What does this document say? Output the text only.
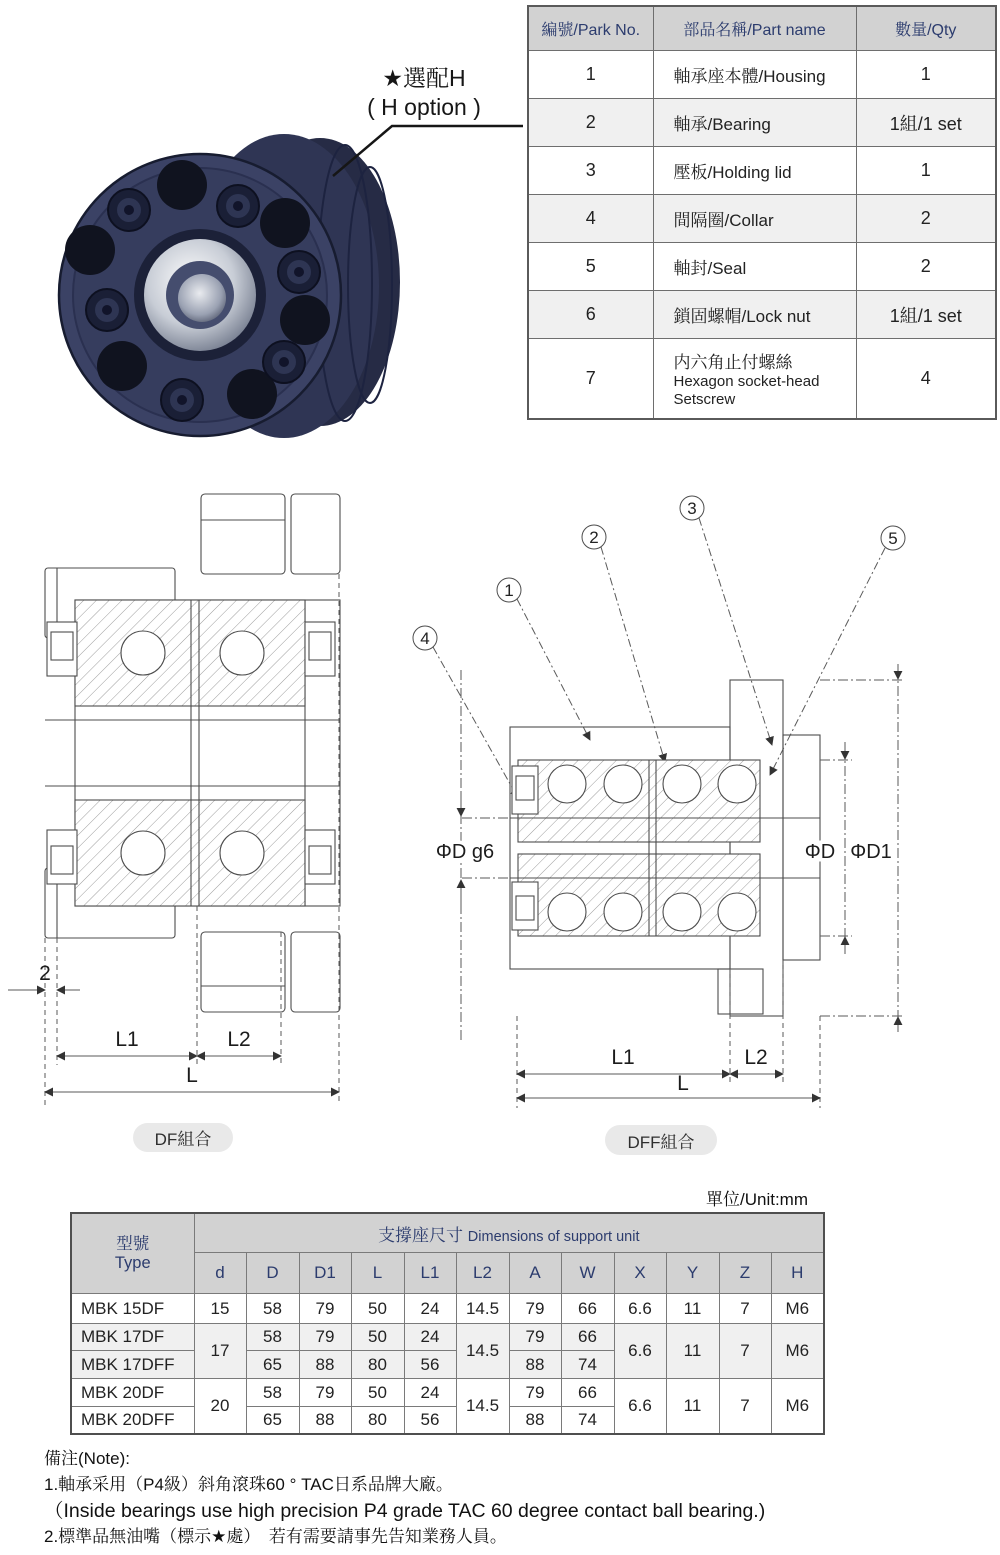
★選配H
( H option )
編號/Park No.	部品名稱/Part name	數量/Qty
1	軸承座本體/Housing	1
2	軸承/Bearing	1組/1 set
3	壓板/Holding lid	1
4	間隔圈/Collar	2
5	軸封/Seal	2
6	鎖固螺帽/Lock nut	1組/1 set
7	内六角止付螺絲
Hexagon socket-head
Setscrew	4
2
L1	L2
L
DF組合
4
1
2
3
5
ΦD g6	ΦD ΦD1
L1	L2
L
DFF組合
單位/Unit:mm
型號
Type	支撐座尺寸 Dimensions of support unit											
	d	D	D1	L	L1	L2	A	W	X	Y	Z	H
MBK 15DF	15	58	79	50	24	14.5	79	66	6.6	11	7	M6
MBK 17DF	17	58	79	50	24	14.5	79	66	6.6	11	7	M6
MBK 17DFF		65	88	80	56		88	74				
MBK 20DF	20	58	79	50	24	14.5	79	66	6.6	11	7	M6
MBK 20DFF		65	88	80	56		88	74				
備注(Note):
1.軸承采用（P4級）斜角滾珠60 ° TAC日系品牌大廠。
（Inside bearings use high precision P4 grade TAC 60 degree contact ball bearing.)
2.標準品無油嘴（標示★處）　若有需要請事先告知業務人員。
